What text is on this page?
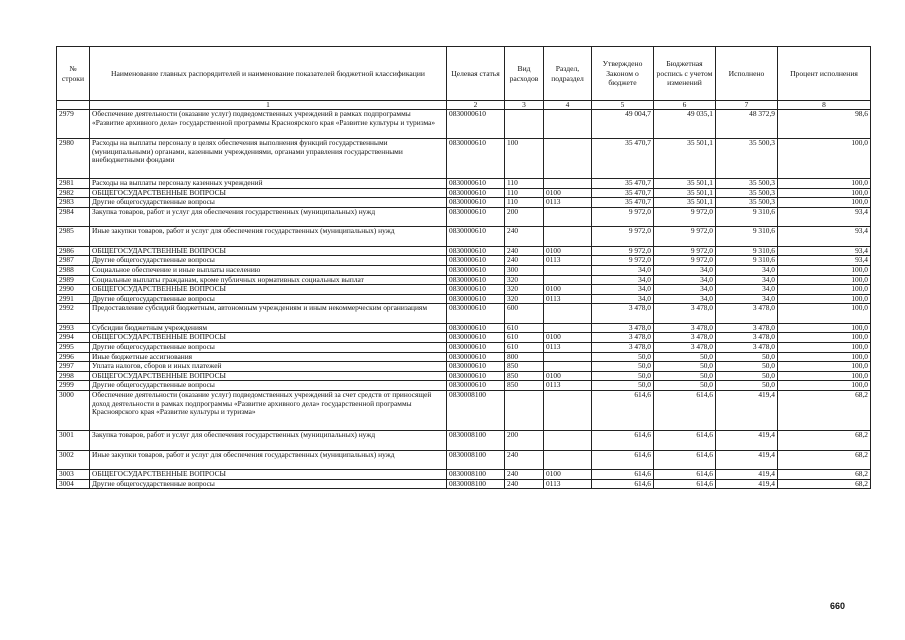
№ строки	Наименование главных распорядителей и наименование показателей бюджетной классификации	Целевая статья	Вид расходов	Раздел, подраздел	Утверждено Законом о бюджете	Бюджетная роспись с учетом изменений	Исполнено	Процент исполнения
	1	2	3	4	5	6	7	8
2979	Обеспечение деятельности (оказание услуг) подведомственных учреждений в рамках подпрограммы «Развитие архивного дела» государственной программы Красноярского края «Развитие культуры и туризма»	0830000610			49 004,7	49 035,1	48 372,9	98,6
2980	Расходы на выплаты персоналу в целях обеспечения выполнения функций государственными (муниципальными) органами, казенными учреждениями, органами управления государственными внебюджетными фондами	0830000610	100		35 470,7	35 501,1	35 500,3	100,0
2981	Расходы на выплаты персоналу казенных учреждений	0830000610	110		35 470,7	35 501,1	35 500,3	100,0
2982	ОБЩЕГОСУДАРСТВЕННЫЕ ВОПРОСЫ	0830000610	110	0100	35 470,7	35 501,1	35 500,3	100,0
2983	Другие общегосударственные вопросы	0830000610	110	0113	35 470,7	35 501,1	35 500,3	100,0
2984	Закупка товаров, работ и услуг для обеспечения государственных (муниципальных) нужд	0830000610	200		9 972,0	9 972,0	9 310,6	93,4
2985	Иные закупки товаров, работ и услуг для обеспечения государственных (муниципальных) нужд	0830000610	240		9 972,0	9 972,0	9 310,6	93,4
2986	ОБЩЕГОСУДАРСТВЕННЫЕ ВОПРОСЫ	0830000610	240	0100	9 972,0	9 972,0	9 310,6	93,4
2987	Другие общегосударственные вопросы	0830000610	240	0113	9 972,0	9 972,0	9 310,6	93,4
2988	Социальное обеспечение и иные выплаты населению	0830000610	300		34,0	34,0	34,0	100,0
2989	Социальные выплаты гражданам, кроме публичных нормативных социальных выплат	0830000610	320		34,0	34,0	34,0	100,0
2990	ОБЩЕГОСУДАРСТВЕННЫЕ ВОПРОСЫ	0830000610	320	0100	34,0	34,0	34,0	100,0
2991	Другие общегосударственные вопросы	0830000610	320	0113	34,0	34,0	34,0	100,0
2992	Предоставление субсидий бюджетным, автономным учреждениям и иным некоммерческим организациям	0830000610	600		3 478,0	3 478,0	3 478,0	100,0
2993	Субсидии бюджетным учреждениям	0830000610	610		3 478,0	3 478,0	3 478,0	100,0
2994	ОБЩЕГОСУДАРСТВЕННЫЕ ВОПРОСЫ	0830000610	610	0100	3 478,0	3 478,0	3 478,0	100,0
2995	Другие общегосударственные вопросы	0830000610	610	0113	3 478,0	3 478,0	3 478,0	100,0
2996	Иные бюджетные ассигнования	0830000610	800		50,0	50,0	50,0	100,0
2997	Уплата налогов, сборов и иных платежей	0830000610	850		50,0	50,0	50,0	100,0
2998	ОБЩЕГОСУДАРСТВЕННЫЕ ВОПРОСЫ	0830000610	850	0100	50,0	50,0	50,0	100,0
2999	Другие общегосударственные вопросы	0830000610	850	0113	50,0	50,0	50,0	100,0
3000	Обеспечение деятельности (оказание услуг) подведомственных учреждений за счет средств от приносящей доход деятельности в рамках подпрограммы «Развитие архивного дела» государственной программы Красноярского края «Развитие культуры и туризма»	0830008100			614,6	614,6	419,4	68,2
3001	Закупка товаров, работ и услуг для обеспечения государственных (муниципальных) нужд	0830008100	200		614,6	614,6	419,4	68,2
3002	Иные закупки товаров, работ и услуг для обеспечения государственных (муниципальных) нужд	0830008100	240		614,6	614,6	419,4	68,2
3003	ОБЩЕГОСУДАРСТВЕННЫЕ ВОПРОСЫ	0830008100	240	0100	614,6	614,6	419,4	68,2
3004	Другие общегосударственные вопросы	0830008100	240	0113	614,6	614,6	419,4	68,2
660
